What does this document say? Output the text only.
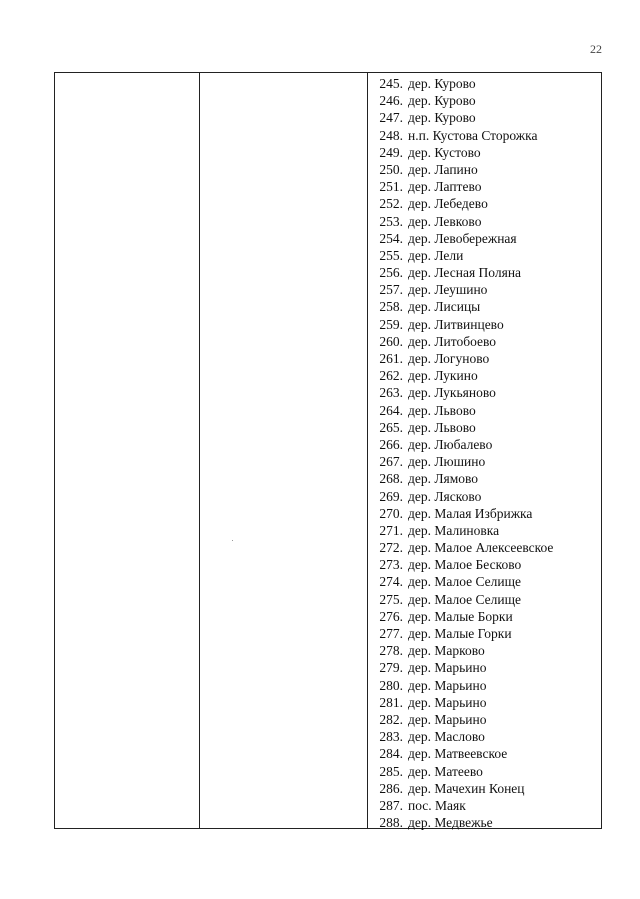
22
245. дер. Курово
246. дер. Курово
247. дер. Курово
248. н.п. Кустова Сторожка
249. дер. Кустово
250. дер. Лапино
251. дер. Лаптево
252. дер. Лебедево
253. дер. Левково
254. дер. Левобережная
255. дер. Лели
256. дер. Лесная Поляна
257. дер. Леушино
258. дер. Лисицы
259. дер. Литвинцево
260. дер. Литобоево
261. дер. Логуново
262. дер. Лукино
263. дер. Лукьяново
264. дер. Львово
265. дер. Львово
266. дер. Любалево
267. дер. Люшино
268. дер. Лямово
269. дер. Лясково
270. дер. Малая Избрижка
271. дер. Малиновка
272. дер. Малое Алексеевское
273. дер. Малое Бесково
274. дер. Малое Селище
275. дер. Малое Селище
276. дер. Малые Борки
277. дер. Малые Горки
278. дер. Марково
279. дер. Марьино
280. дер. Марьино
281. дер. Марьино
282. дер. Марьино
283. дер. Маслово
284. дер. Матвеевское
285. дер. Матеево
286. дер. Мачехин Конец
287. пос. Маяк
288. дер. Медвежье
